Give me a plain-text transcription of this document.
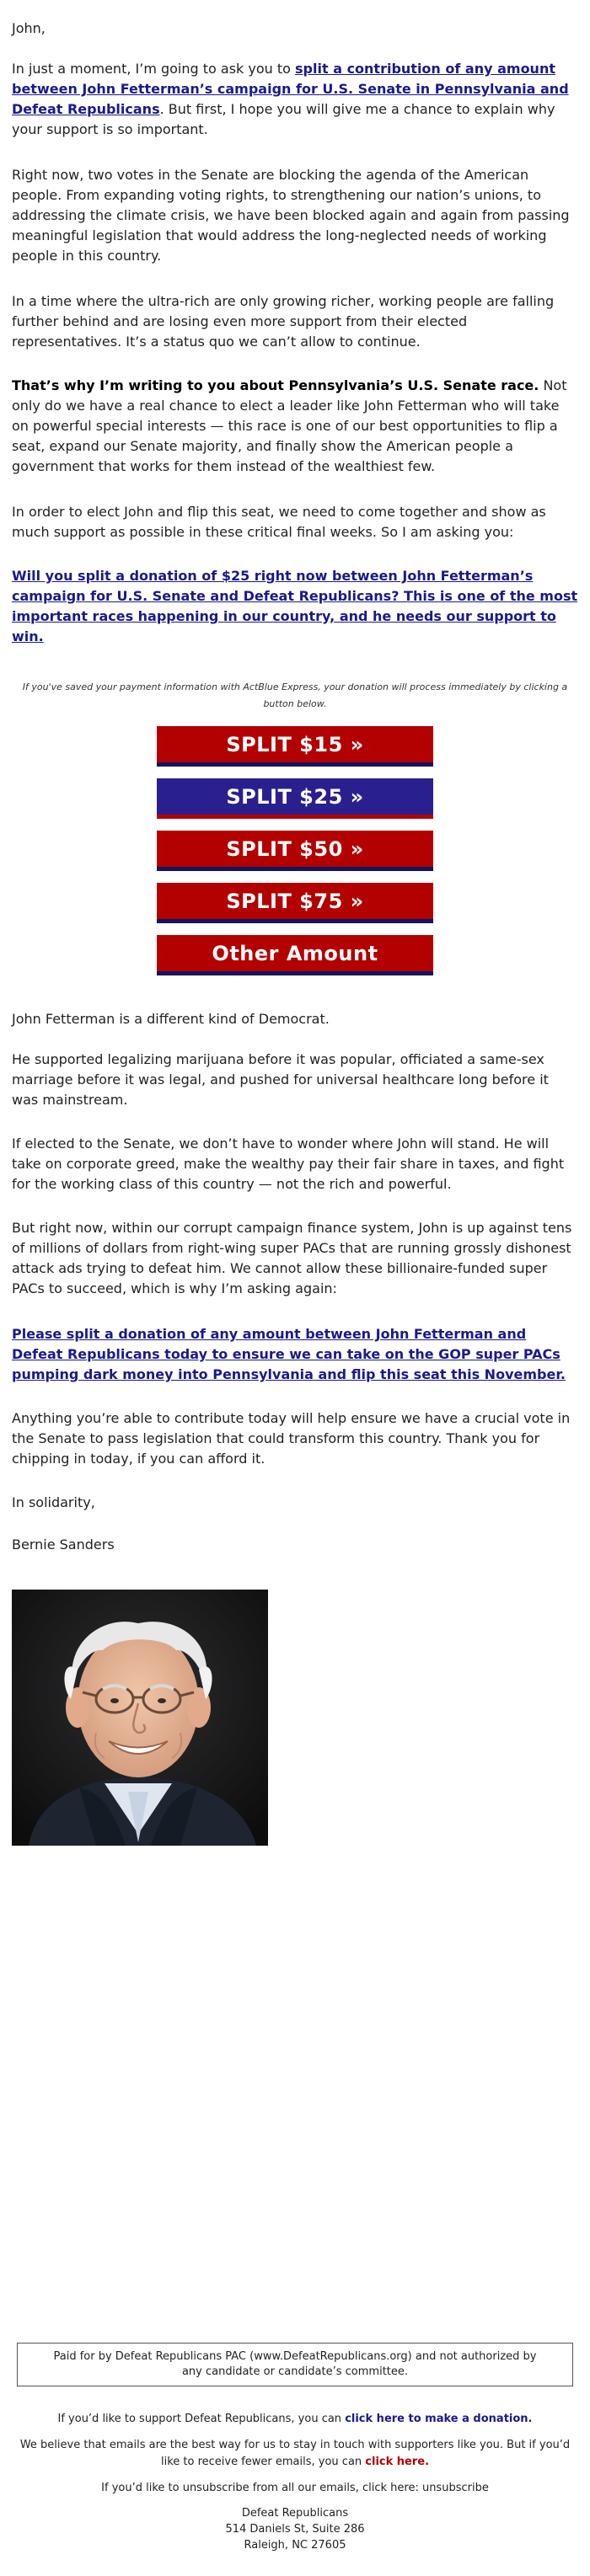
John,

In just a moment, I’m going to ask you to split a contribution of any amount between John Fetterman’s campaign for U.S. Senate in Pennsylvania and Defeat Republicans. But first, I hope you will give me a chance to explain why your support is so important.

Right now, two votes in the Senate are blocking the agenda of the American people. From expanding voting rights, to strengthening our nation’s unions, to addressing the climate crisis, we have been blocked again and again from passing meaningful legislation that would address the long-neglected needs of working people in this country.

In a time where the ultra-rich are only growing richer, working people are falling further behind and are losing even more support from their elected representatives. It’s a status quo we can’t allow to continue.

That’s why I’m writing to you about Pennsylvania’s U.S. Senate race. Not only do we have a real chance to elect a leader like John Fetterman who will take on powerful special interests — this race is one of our best opportunities to flip a seat, expand our Senate majority, and finally show the American people a government that works for them instead of the wealthiest few.

In order to elect John and flip this seat, we need to come together and show as much support as possible in these critical final weeks. So I am asking you:

Will you split a donation of $25 right now between John Fetterman’s campaign for U.S. Senate and Defeat Republicans? This is one of the most important races happening in our country, and he needs our support to win.

If you've saved your payment information with ActBlue Express, your donation will process immediately by clicking a button below.
SPLIT $15 »
SPLIT $25 »
SPLIT $50 »
SPLIT $75 »
Other Amount

John Fetterman is a different kind of Democrat.

He supported legalizing marijuana before it was popular, officiated a same-sex marriage before it was legal, and pushed for universal healthcare long before it was mainstream.

If elected to the Senate, we don’t have to wonder where John will stand. He will take on corporate greed, make the wealthy pay their fair share in taxes, and fight for the working class of this country — not the rich and powerful.

But right now, within our corrupt campaign finance system, John is up against tens of millions of dollars from right-wing super PACs that are running grossly dishonest attack ads trying to defeat him. We cannot allow these billionaire-funded super PACs to succeed, which is why I’m asking again:

Please split a donation of any amount between John Fetterman and Defeat Republicans today to ensure we can take on the GOP super PACs pumping dark money into Pennsylvania and flip this seat this November.

Anything you’re able to contribute today will help ensure we have a crucial vote in the Senate to pass legislation that could transform this country. Thank you for chipping in today, if you can afford it.

In solidarity,

Bernie Sanders

Paid for by Defeat Republicans PAC (www.DefeatRepublicans.org) and not authorized by any candidate or candidate’s committee.
If you’d like to support Defeat Republicans, you can click here to make a donation.
We believe that emails are the best way for us to stay in touch with supporters like you. But if you’d like to receive fewer emails, you can click here.
If you’d like to unsubscribe from all our emails, click here: unsubscribe
Defeat Republicans
514 Daniels St, Suite 286
Raleigh, NC 27605
